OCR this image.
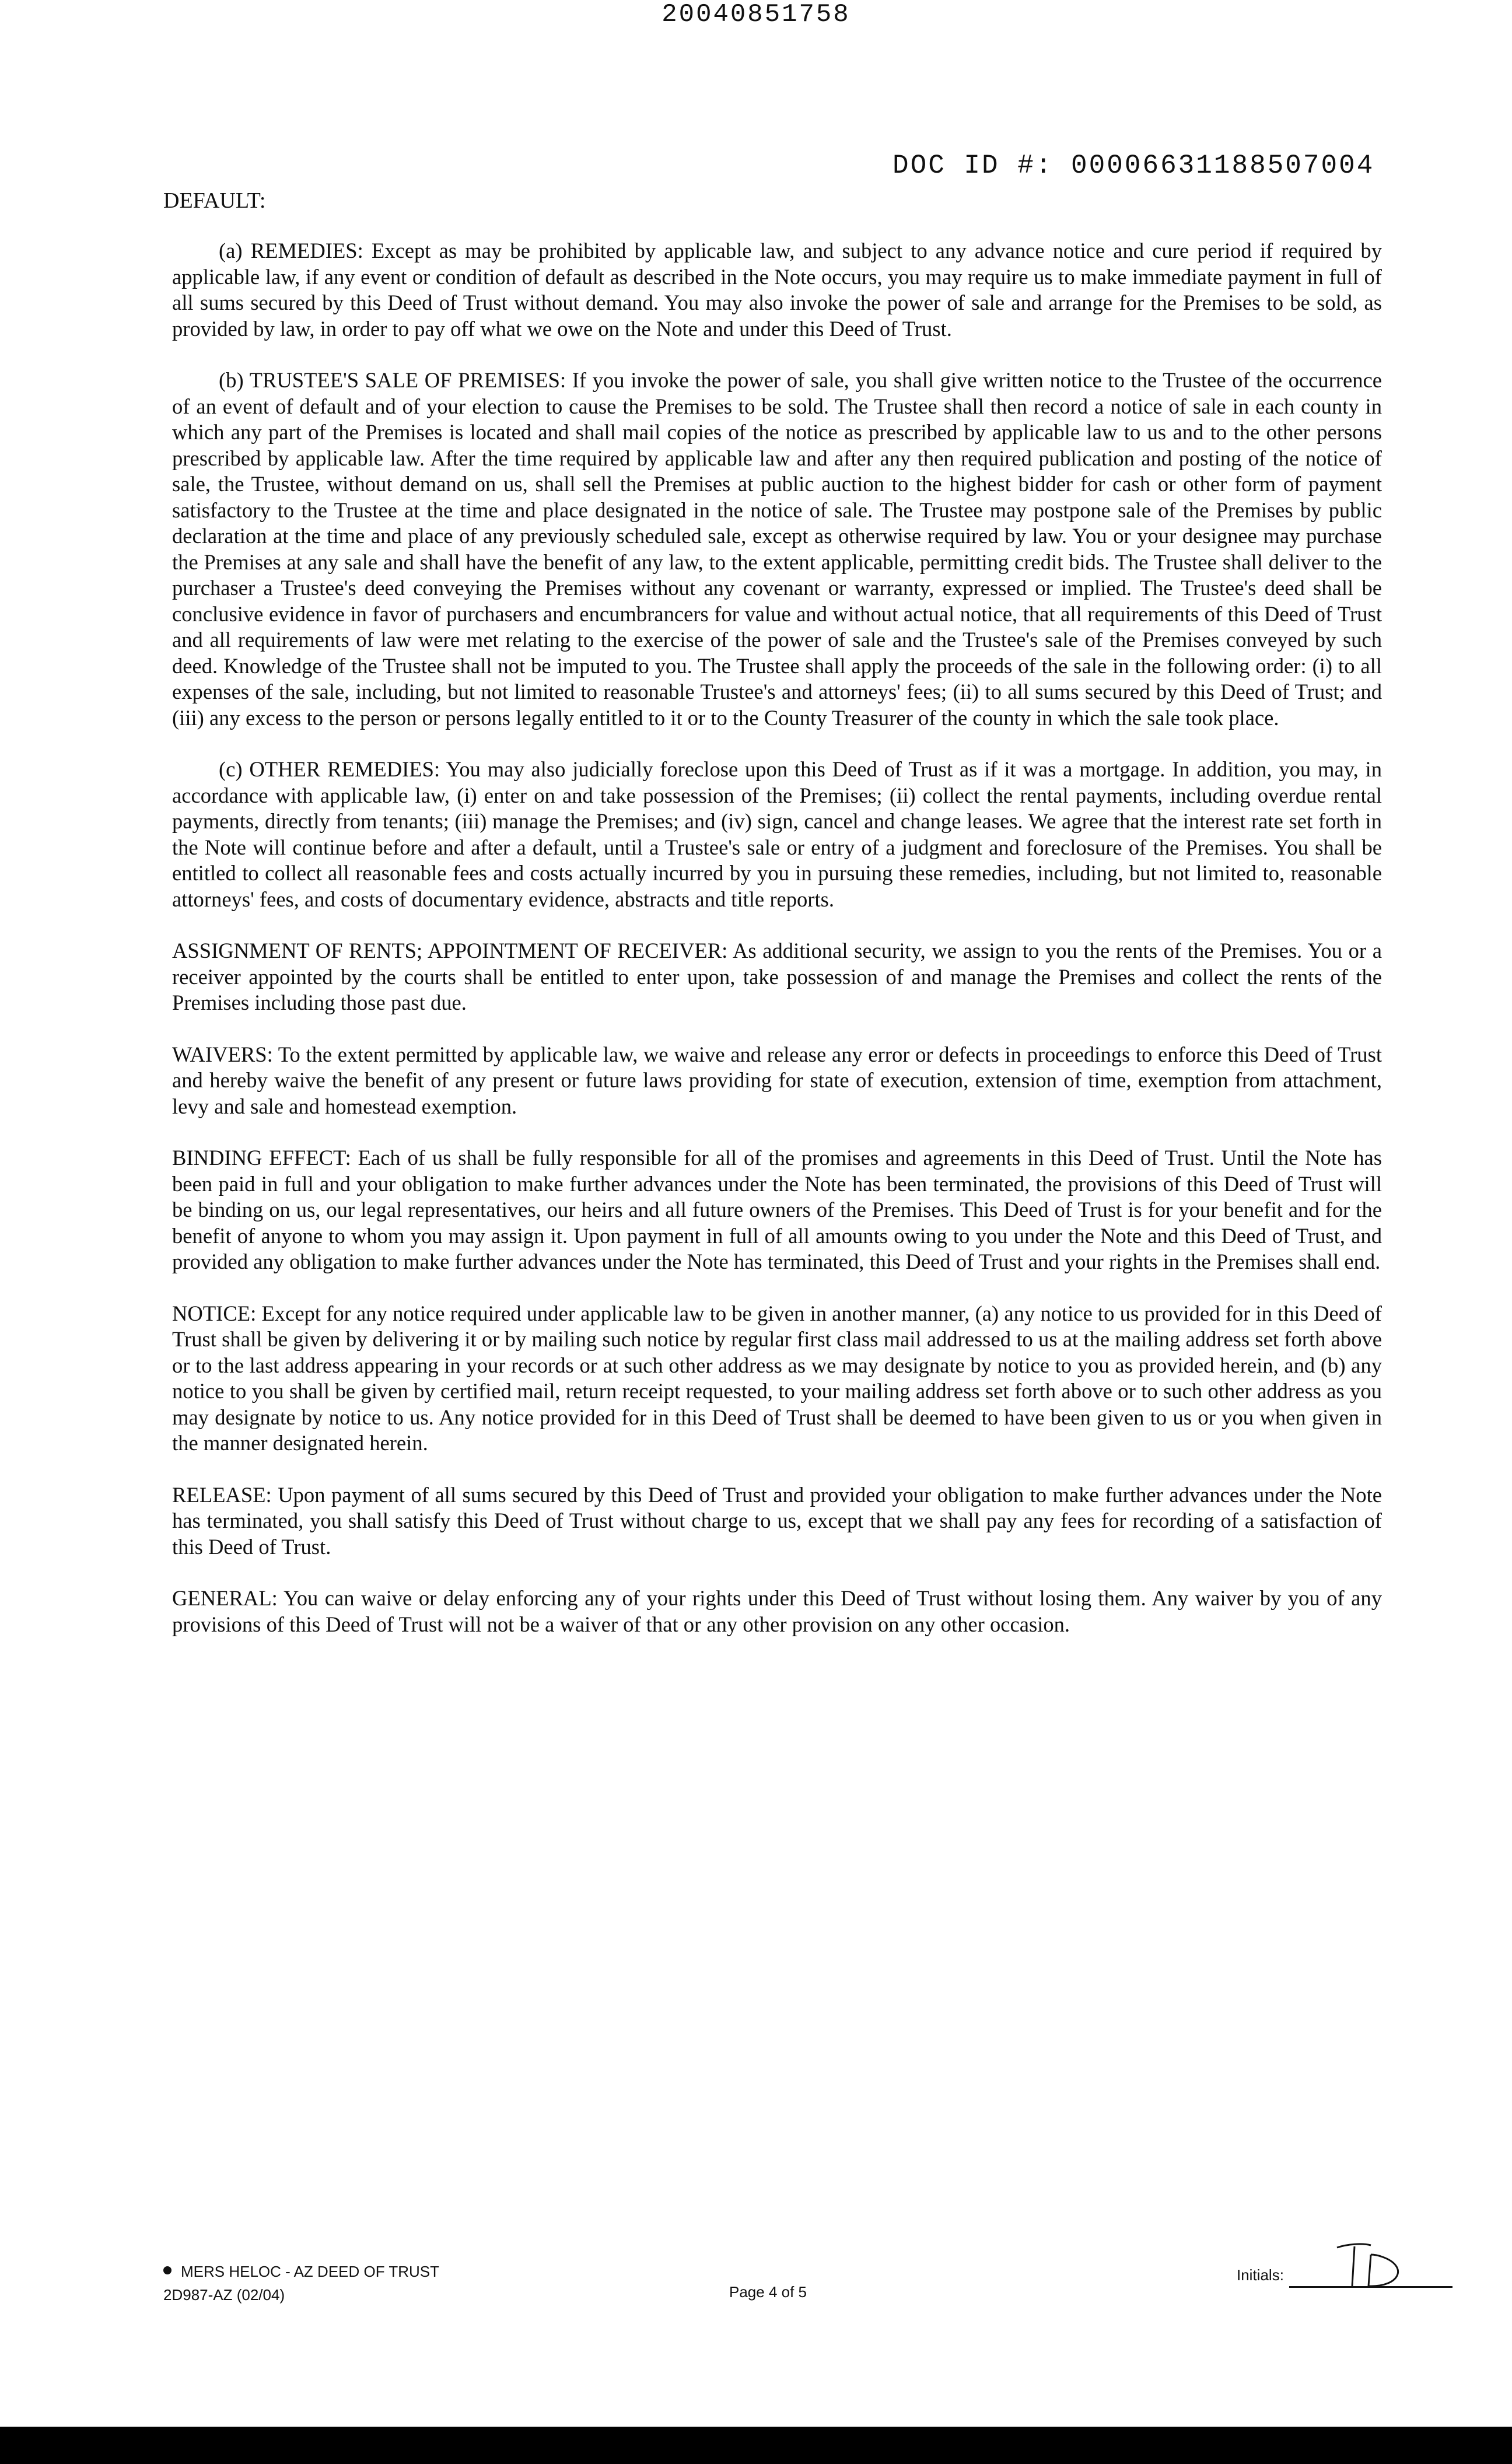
20040851758
DOC ID #: 00006631188507004
DEFAULT:

(a) REMEDIES: Except as may be prohibited by applicable law, and subject to any advance notice and cure period if required by applicable law, if any event or condition of default as described in the Note occurs, you may require us to make immediate payment in full of all sums secured by this Deed of Trust without demand. You may also invoke the power of sale and arrange for the Premises to be sold, as provided by law, in order to pay off what we owe on the Note and under this Deed of Trust.

(b) TRUSTEE'S SALE OF PREMISES: If you invoke the power of sale, you shall give written notice to the Trustee of the occurrence of an event of default and of your election to cause the Premises to be sold. The Trustee shall then record a notice of sale in each county in which any part of the Premises is located and shall mail copies of the notice as prescribed by applicable law to us and to the other persons prescribed by applicable law. After the time required by applicable law and after any then required publication and posting of the notice of sale, the Trustee, without demand on us, shall sell the Premises at public auction to the highest bidder for cash or other form of payment satisfactory to the Trustee at the time and place designated in the notice of sale. The Trustee may postpone sale of the Premises by public declaration at the time and place of any previously scheduled sale, except as otherwise required by law. You or your designee may purchase the Premises at any sale and shall have the benefit of any law, to the extent applicable, permitting credit bids. The Trustee shall deliver to the purchaser a Trustee's deed conveying the Premises without any covenant or warranty, expressed or implied. The Trustee's deed shall be conclusive evidence in favor of purchasers and encumbrancers for value and without actual notice, that all requirements of this Deed of Trust and all requirements of law were met relating to the exercise of the power of sale and the Trustee's sale of the Premises conveyed by such deed. Knowledge of the Trustee shall not be imputed to you. The Trustee shall apply the proceeds of the sale in the following order: (i) to all expenses of the sale, including, but not limited to reasonable Trustee's and attorneys' fees; (ii) to all sums secured by this Deed of Trust; and (iii) any excess to the person or persons legally entitled to it or to the County Treasurer of the county in which the sale took place.

(c) OTHER REMEDIES: You may also judicially foreclose upon this Deed of Trust as if it was a mortgage. In addition, you may, in accordance with applicable law, (i) enter on and take possession of the Premises; (ii) collect the rental payments, including overdue rental payments, directly from tenants; (iii) manage the Premises; and (iv) sign, cancel and change leases. We agree that the interest rate set forth in the Note will continue before and after a default, until a Trustee's sale or entry of a judgment and foreclosure of the Premises. You shall be entitled to collect all reasonable fees and costs actually incurred by you in pursuing these remedies, including, but not limited to, reasonable attorneys' fees, and costs of documentary evidence, abstracts and title reports.

ASSIGNMENT OF RENTS; APPOINTMENT OF RECEIVER: As additional security, we assign to you the rents of the Premises. You or a receiver appointed by the courts shall be entitled to enter upon, take possession of and manage the Premises and collect the rents of the Premises including those past due.

WAIVERS: To the extent permitted by applicable law, we waive and release any error or defects in proceedings to enforce this Deed of Trust and hereby waive the benefit of any present or future laws providing for state of execution, extension of time, exemption from attachment, levy and sale and homestead exemption.

BINDING EFFECT: Each of us shall be fully responsible for all of the promises and agreements in this Deed of Trust. Until the Note has been paid in full and your obligation to make further advances under the Note has been terminated, the provisions of this Deed of Trust will be binding on us, our legal representatives, our heirs and all future owners of the Premises. This Deed of Trust is for your benefit and for the benefit of anyone to whom you may assign it. Upon payment in full of all amounts owing to you under the Note and this Deed of Trust, and provided any obligation to make further advances under the Note has terminated, this Deed of Trust and your rights in the Premises shall end.

NOTICE: Except for any notice required under applicable law to be given in another manner, (a) any notice to us provided for in this Deed of Trust shall be given by delivering it or by mailing such notice by regular first class mail addressed to us at the mailing address set forth above or to the last address appearing in your records or at such other address as we may designate by notice to you as provided herein, and (b) any notice to you shall be given by certified mail, return receipt requested, to your mailing address set forth above or to such other address as you may designate by notice to us. Any notice provided for in this Deed of Trust shall be deemed to have been given to us or you when given in the manner designated herein.

RELEASE: Upon payment of all sums secured by this Deed of Trust and provided your obligation to make further advances under the Note has terminated, you shall satisfy this Deed of Trust without charge to us, except that we shall pay any fees for recording of a satisfaction of this Deed of Trust.

GENERAL: You can waive or delay enforcing any of your rights under this Deed of Trust without losing them. Any waiver by you of any provisions of this Deed of Trust will not be a waiver of that or any other provision on any other occasion.

MERS HELOC - AZ DEED OF TRUST
2D987-AZ (02/04)	Page 4 of 5
Initials:
